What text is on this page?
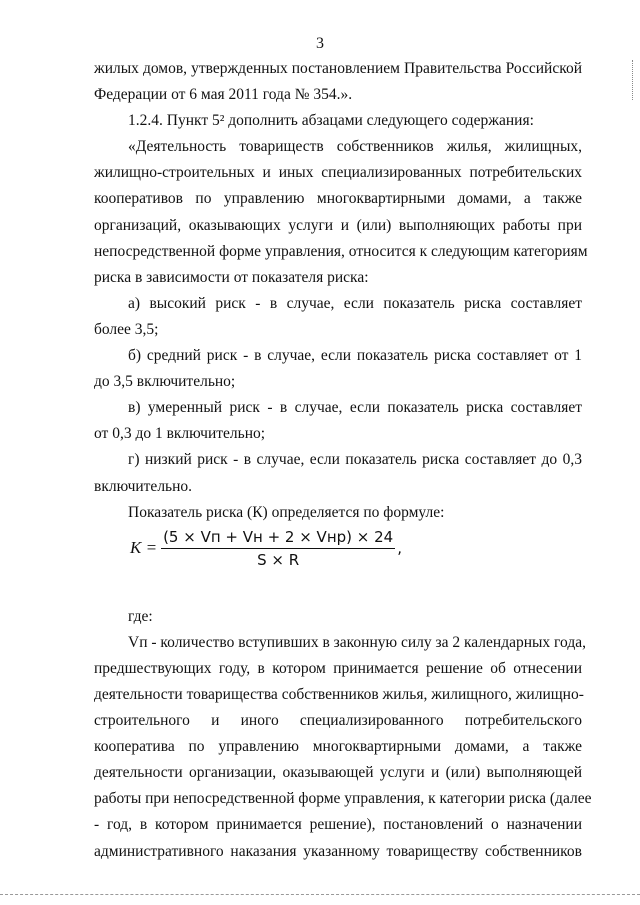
3
жилых домов, утвержденных постановлением Правительства Российской
Федерации от 6 мая 2011 года № 354.».
1.2.4. Пункт 5² дополнить абзацами следующего содержания:
«Деятельность товариществ собственников жилья, жилищных,
жилищно-строительных и иных специализированных потребительских
кооперативов по управлению многоквартирными домами, а также
организаций, оказывающих услуги и (или) выполняющих работы при
непосредственной форме управления, относится к следующим категориям
риска в зависимости от показателя риска:
а) высокий риск - в случае, если показатель риска составляет
более 3,5;
б) средний риск - в случае, если показатель риска составляет от 1
до 3,5 включительно;
в) умеренный риск - в случае, если показатель риска составляет
от 0,3 до 1 включительно;
г) низкий риск - в случае, если показатель риска составляет до 0,3
включительно.
Показатель риска (К) определяется по формуле:
$K = \frac{\text{(5 × Vп + Vн + 2 × Vнр) × 24}}{S \times R}$ ,
где:
Vп - количество вступивших в законную силу за 2 календарных года,
предшествующих году, в котором принимается решение об отнесении
деятельности товарищества собственников жилья, жилищного, жилищно-
строительного и иного специализированного потребительского
кооператива по управлению многоквартирными домами, а также
деятельности организации, оказывающей услуги и (или) выполняющей
работы при непосредственной форме управления, к категории риска (далее
- год, в котором принимается решение), постановлений о назначении
административного наказания указанному товариществу собственников
